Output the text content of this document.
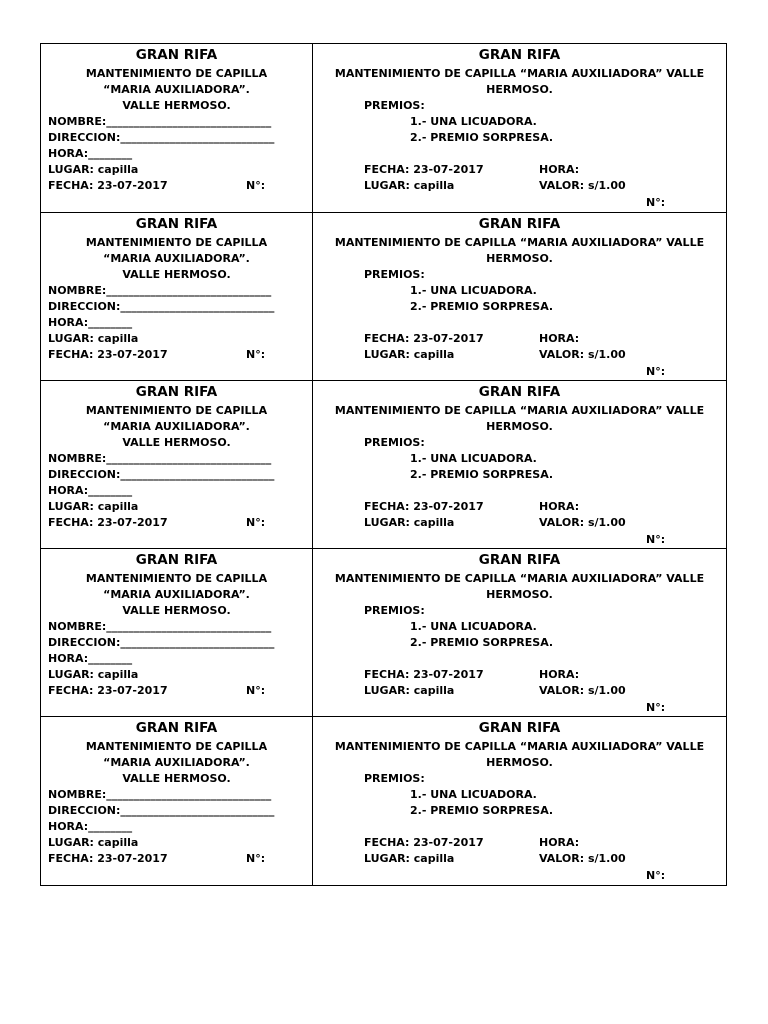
GRAN RIFA
MANTENIMIENTO DE CAPILLA
“MARIA AUXILIADORA”.
VALLE HERMOSO.
NOMBRE:______________________________
DIRECCION:____________________________
HORA:________
LUGAR: capilla
FECHA: 23-07-2017	N°:
GRAN RIFA
MANTENIMIENTO DE CAPILLA “MARIA AUXILIADORA” VALLE
HERMOSO.
PREMIOS:
1.- UNA LICUADORA.
2.- PREMIO SORPRESA.
FECHA: 23-07-2017	HORA:
LUGAR: capilla	VALOR: s/1.00
N°:
GRAN RIFA
MANTENIMIENTO DE CAPILLA
“MARIA AUXILIADORA”.
VALLE HERMOSO.
NOMBRE:______________________________
DIRECCION:____________________________
HORA:________
LUGAR: capilla
FECHA: 23-07-2017	N°:
GRAN RIFA
MANTENIMIENTO DE CAPILLA “MARIA AUXILIADORA” VALLE
HERMOSO.
PREMIOS:
1.- UNA LICUADORA.
2.- PREMIO SORPRESA.
FECHA: 23-07-2017	HORA:
LUGAR: capilla	VALOR: s/1.00
N°:
GRAN RIFA
MANTENIMIENTO DE CAPILLA
“MARIA AUXILIADORA”.
VALLE HERMOSO.
NOMBRE:______________________________
DIRECCION:____________________________
HORA:________
LUGAR: capilla
FECHA: 23-07-2017	N°:
GRAN RIFA
MANTENIMIENTO DE CAPILLA “MARIA AUXILIADORA” VALLE
HERMOSO.
PREMIOS:
1.- UNA LICUADORA.
2.- PREMIO SORPRESA.
FECHA: 23-07-2017	HORA:
LUGAR: capilla	VALOR: s/1.00
N°:
GRAN RIFA
MANTENIMIENTO DE CAPILLA
“MARIA AUXILIADORA”.
VALLE HERMOSO.
NOMBRE:______________________________
DIRECCION:____________________________
HORA:________
LUGAR: capilla
FECHA: 23-07-2017	N°:
GRAN RIFA
MANTENIMIENTO DE CAPILLA “MARIA AUXILIADORA” VALLE
HERMOSO.
PREMIOS:
1.- UNA LICUADORA.
2.- PREMIO SORPRESA.
FECHA: 23-07-2017	HORA:
LUGAR: capilla	VALOR: s/1.00
N°:
GRAN RIFA
MANTENIMIENTO DE CAPILLA
“MARIA AUXILIADORA”.
VALLE HERMOSO.
NOMBRE:______________________________
DIRECCION:____________________________
HORA:________
LUGAR: capilla
FECHA: 23-07-2017	N°:
GRAN RIFA
MANTENIMIENTO DE CAPILLA “MARIA AUXILIADORA” VALLE
HERMOSO.
PREMIOS:
1.- UNA LICUADORA.
2.- PREMIO SORPRESA.
FECHA: 23-07-2017	HORA:
LUGAR: capilla	VALOR: s/1.00
N°:
